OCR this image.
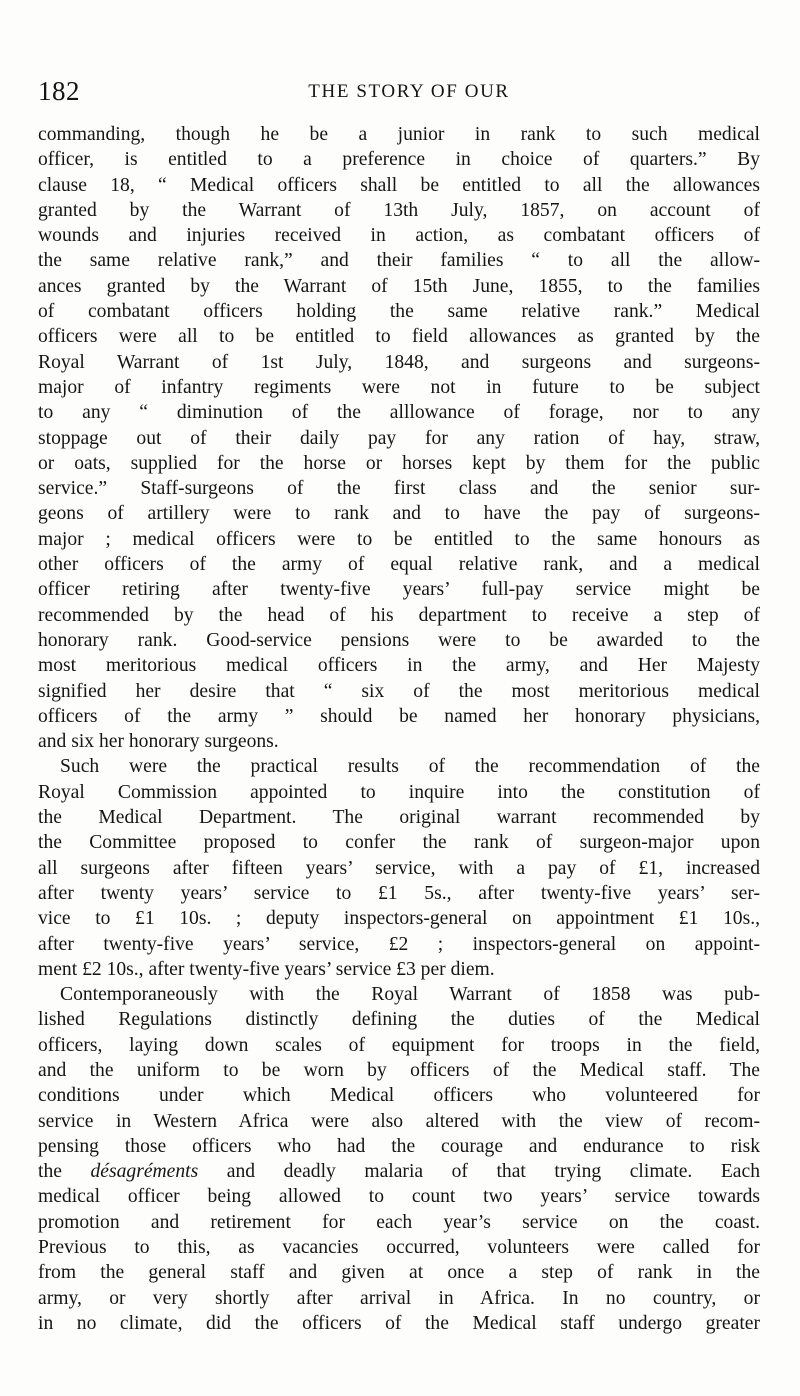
182	THE STORY OF OUR
commanding, though he be a junior in rank to such medical
officer, is entitled to a preference in choice of quarters.” By
clause 18, “ Medical officers shall be entitled to all the allowances
granted by the Warrant of 13th July, 1857, on account of
wounds and injuries received in action, as combatant officers of
the same relative rank,” and their families “ to all the allow-
ances granted by the Warrant of 15th June, 1855, to the families
of combatant officers holding the same relative rank.” Medical
officers were all to be entitled to field allowances as granted by the
Royal Warrant of 1st July, 1848, and surgeons and surgeons-
major of infantry regiments were not in future to be subject
to any “ diminution of the alllowance of forage, nor to any
stoppage out of their daily pay for any ration of hay, straw,
or oats, supplied for the horse or horses kept by them for the public
service.” Staff-surgeons of the first class and the senior sur-
geons of artillery were to rank and to have the pay of surgeons-
major ; medical officers were to be entitled to the same honours as
other officers of the army of equal relative rank, and a medical
officer retiring after twenty-five years’ full-pay service might be
recommended by the head of his department to receive a step of
honorary rank. Good-service pensions were to be awarded to the
most meritorious medical officers in the army, and Her Majesty
signified her desire that “ six of the most meritorious medical
officers of the army ” should be named her honorary physicians,
and six her honorary surgeons.
Such were the practical results of the recommendation of the
Royal Commission appointed to inquire into the constitution of
the Medical Department. The original warrant recommended by
the Committee proposed to confer the rank of surgeon-major upon
all surgeons after fifteen years’ service, with a pay of £1, increased
after twenty years’ service to £1 5s., after twenty-five years’ ser-
vice to £1 10s. ; deputy inspectors-general on appointment £1 10s.,
after twenty-five years’ service, £2 ; inspectors-general on appoint-
ment £2 10s., after twenty-five years’ service £3 per diem.
Contemporaneously with the Royal Warrant of 1858 was pub-
lished Regulations distinctly defining the duties of the Medical
officers, laying down scales of equipment for troops in the field,
and the uniform to be worn by officers of the Medical staff. The
conditions under which Medical officers who volunteered for
service in Western Africa were also altered with the view of recom-
pensing those officers who had the courage and endurance to risk
the désagréments and deadly malaria of that trying climate. Each
medical officer being allowed to count two years’ service towards
promotion and retirement for each year’s service on the coast.
Previous to this, as vacancies occurred, volunteers were called for
from the general staff and given at once a step of rank in the
army, or very shortly after arrival in Africa. In no country, or
in no climate, did the officers of the Medical staff undergo greater
